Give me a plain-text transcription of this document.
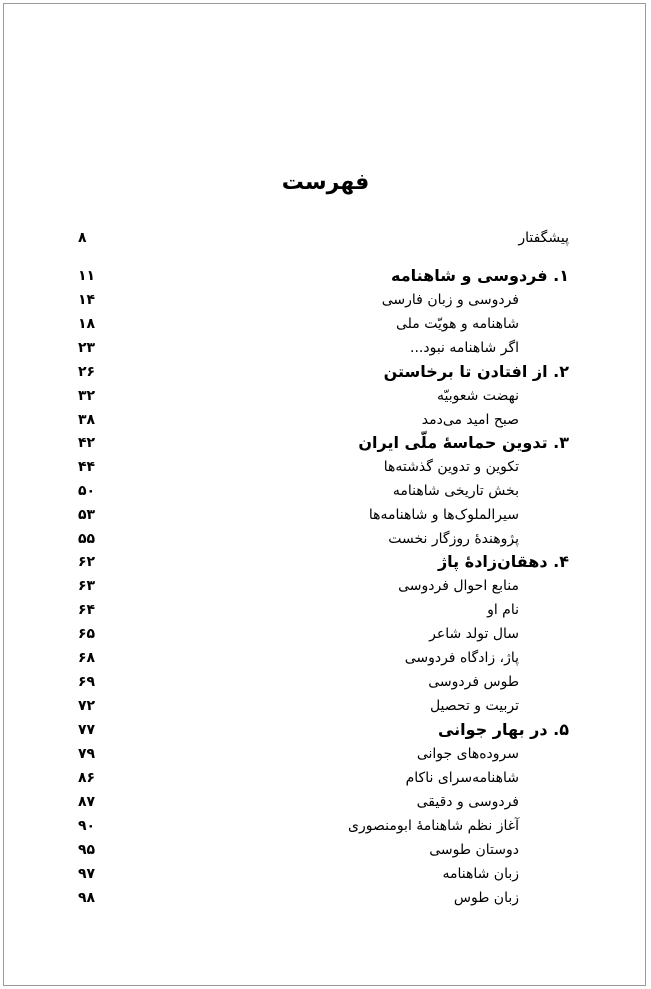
فهرست
پیشگفتار
۸
۱. فردوسی و شاهنامه
۱۱
فردوسی و زبان فارسی
۱۴
شاهنامه و هویّت ملی
۱۸
اگر شاهنامه نبود...
۲۳
۲. از افتادن تا برخاستن
۲۶
نهضت شعوبیّه
۳۲
صبح امید می‌دمد
۳۸
۳. تدوین حماسهٔ ملّی ایران
۴۲
تکوین و تدوین گذشته‌ها
۴۴
بخش تاریخی شاهنامه
۵۰
سیرالملوک‌ها و شاهنامه‌ها
۵۳
پژوهندهٔ روزگار نخست
۵۵
۴. دهقان‌زادهٔ پاژ
۶۲
منابع احوال فردوسی
۶۳
نام او
۶۴
سال تولد شاعر
۶۵
پاژ، زادگاه فردوسی
۶۸
طوس فردوسی
۶۹
تربیت و تحصیل
۷۲
۵. در بهار جوانی
۷۷
سروده‌های جوانی
۷۹
شاهنامه‌سرای ناکام
۸۶
فردوسی و دقیقی
۸۷
آغاز نظم شاهنامهٔ ابومنصوری
۹۰
دوستان طوسی
۹۵
زبان شاهنامه
۹۷
زبان طوس
۹۸
